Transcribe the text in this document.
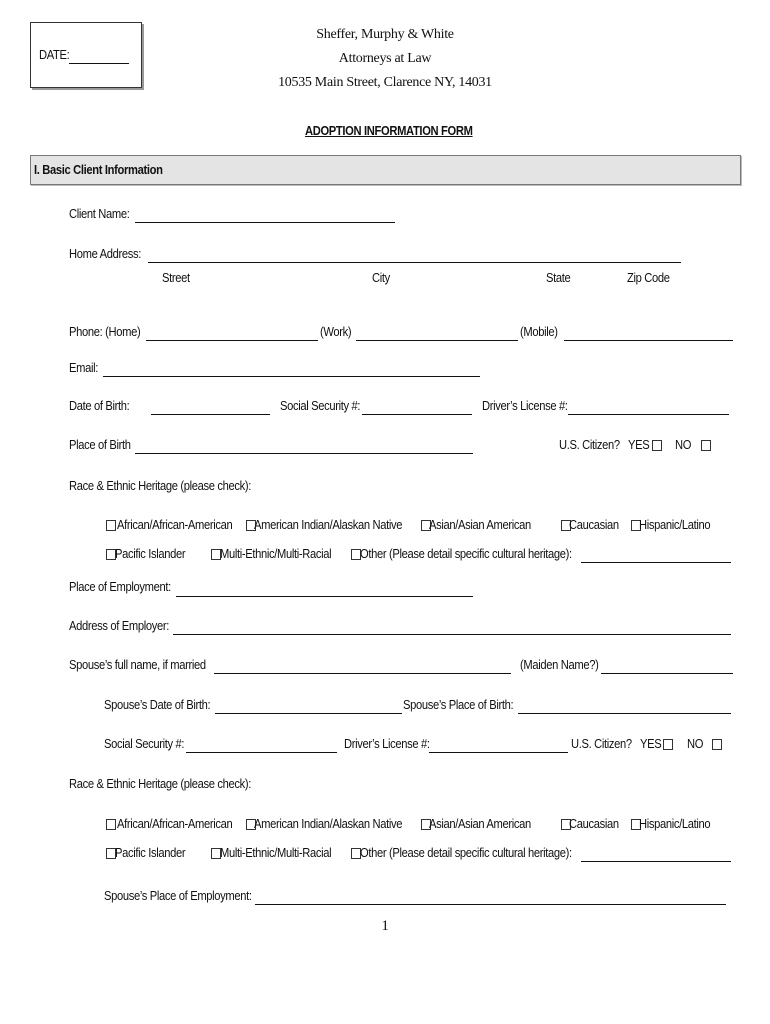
DATE:
Sheffer, Murphy & White
Attorneys at Law
10535 Main Street, Clarence NY, 14031
ADOPTION INFORMATION FORM
I. Basic Client Information
Client Name:
Home Address:
Street	City	State	Zip Code
Phone: (Home)	(Work)	(Mobile)
Email:
Date of Birth:	Social Security #:	Driver’s License #:
Place of Birth	U.S. Citizen? YES NO
Race & Ethnic Heritage (please check):
African/African-American American Indian/Alaskan Native Asian/Asian American	Caucasian Hispanic/Latino
Pacific Islander	Multi-Ethnic/Multi-Racial Other (Please detail specific cultural heritage):
Place of Employment:
Address of Employer:
Spouse’s full name, if married	(Maiden Name?)
Spouse’s Date of Birth:	Spouse’s Place of Birth:
Social Security #:	Driver’s License #:	U.S. Citizen? YES NO
Race & Ethnic Heritage (please check):
African/African-American American Indian/Alaskan Native Asian/Asian American	Caucasian Hispanic/Latino
Pacific Islander	Multi-Ethnic/Multi-Racial Other (Please detail specific cultural heritage):
Spouse’s Place of Employment:
1
